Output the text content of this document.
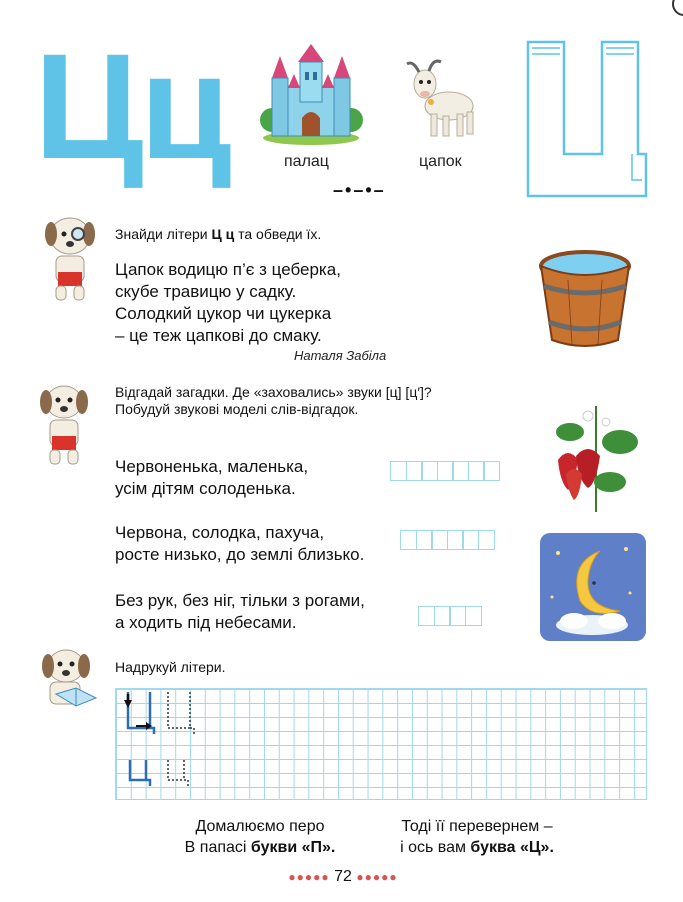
Цц	палац	цапок
–•–•–
Знайди літери Ц ц та обведи їх.
Цапок водицю п’є з цеберка,
скубе травицю у садку.
Солодкий цукор чи цукерка
– це теж цапкові до смаку.
Наталя Забіла
Відгадай загадки. Де «заховались» звуки [ц] [ц′]?
Побудуй звукові моделі слів-відгадок.
Червоненька, маленька,
усім дітям солоденька.
Червона, солодка, пахуча,
росте низько, до землі близько.
Без рук, без ніг, тільки з рогами,
а ходить під небесами.
Надрукуй літери.
Домалюємо перо
В папасі букви «П».
Тоді її перевернем –
і ось вам буква «Ц».
●●●●● 72 ●●●●●
